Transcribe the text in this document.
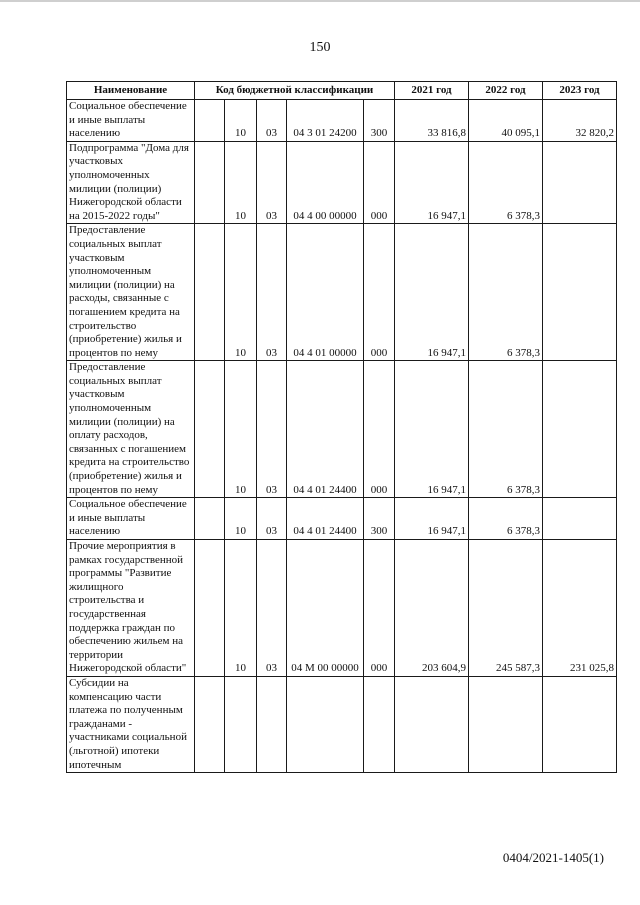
150
Наименование	Код бюджетной классификации					2021 год	2022 год	2023 год
Социальное обеспечение и иные выплаты населению		10	03	04 3 01 24200	300	33 816,8	40 095,1	32 820,2
Подпрограмма "Дома для участковых уполномоченных милиции (полиции) Нижегородской области на 2015-2022 годы"		10	03	04 4 00 00000	000	16 947,1	6 378,3	
Предоставление социальных выплат участковым уполномоченным милиции (полиции) на расходы, связанные с погашением кредита на строительство (приобретение) жилья и процентов по нему		10	03	04 4 01 00000	000	16 947,1	6 378,3	
Предоставление социальных выплат участковым уполномоченным милиции (полиции) на оплату расходов, связанных с погашением кредита на строительство (приобретение) жилья и процентов по нему		10	03	04 4 01 24400	000	16 947,1	6 378,3	
Социальное обеспечение и иные выплаты населению		10	03	04 4 01 24400	300	16 947,1	6 378,3	
Прочие мероприятия в рамках государственной программы "Развитие жилищного строительства и государственная поддержка граждан по обеспечению жильем на территории Нижегородской области"		10	03	04 М 00 00000	000	203 604,9	245 587,3	231 025,8
Субсидии на компенсацию части платежа по полученным гражданами - участниками социальной (льготной) ипотеки ипотечным								
0404/2021-1405(1)
